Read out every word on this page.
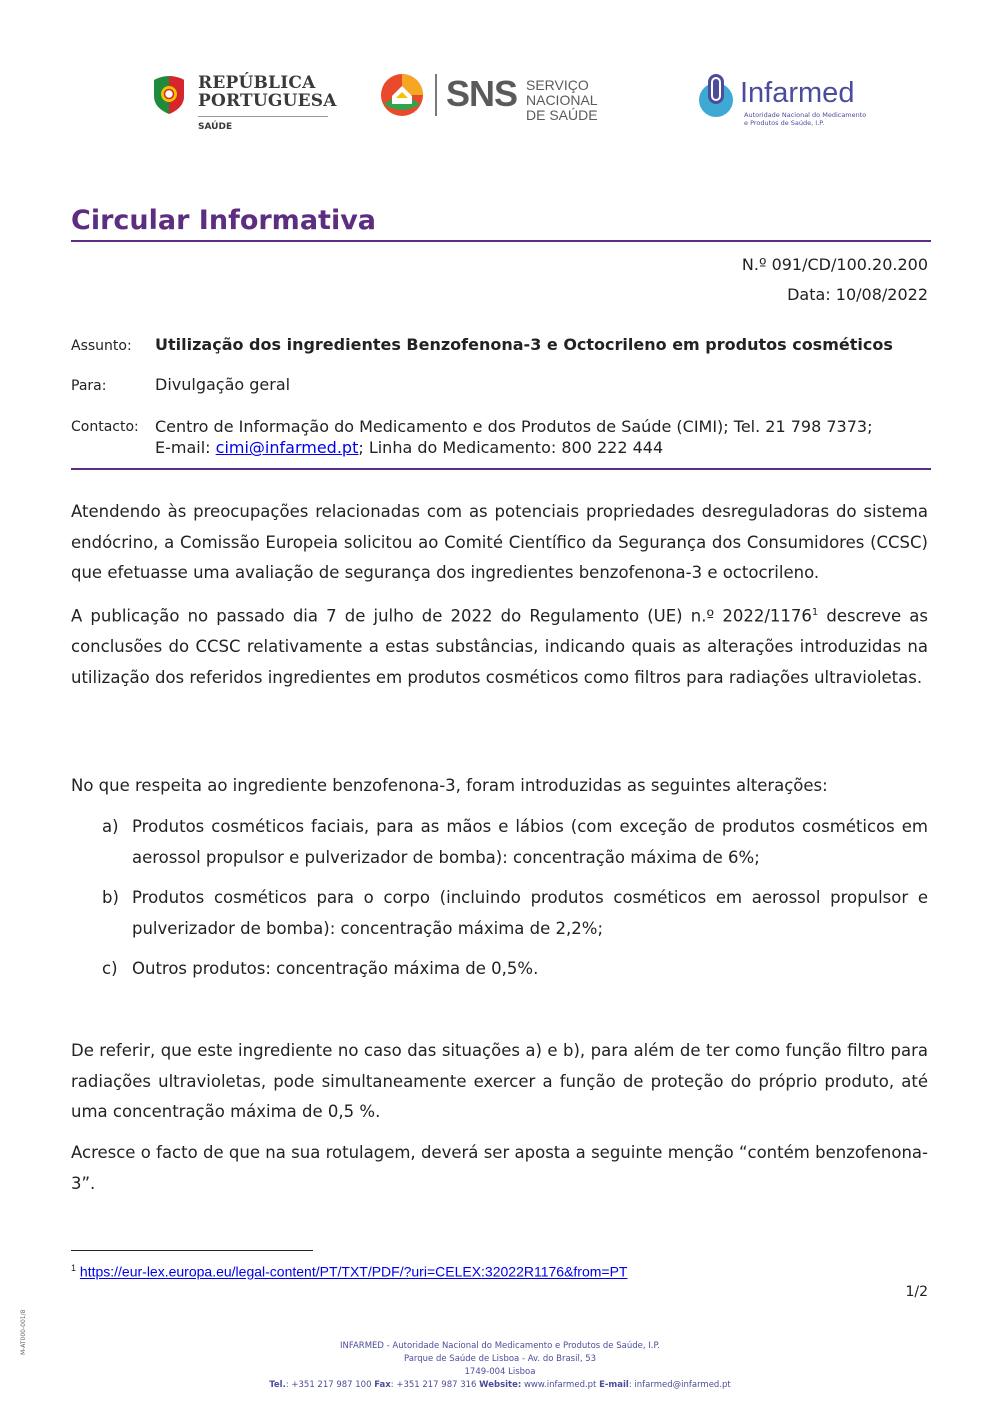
REPÚBLICA
PORTUGUESA
SAÚDE
SNS SERVIÇO NACIONAL
DE SAÚDE
Infarmed
Autoridade Nacional do Medicamento
e Produtos de Saúde, I.P.
Circular Informativa
N.º 091/CD/100.20.200
Data: 10/08/2022
Assunto: Utilização dos ingredientes Benzofenona-3 e Octocrileno em produtos cosméticos
Para:	Divulgação geral
Contacto: Centro de Informação do Medicamento e dos Produtos de Saúde (CIMI); Tel. 21 798 7373;
E-mail: cimi@infarmed.pt; Linha do Medicamento: 800 222 444
Atendendo às preocupações relacionadas com as potenciais propriedades desreguladoras do sistema endócrino, a Comissão Europeia solicitou ao Comité Científico da Segurança dos Consumidores (CCSC) que efetuasse uma avaliação de segurança dos ingredientes benzofenona-3 e octocrileno.
A publicação no passado dia 7 de julho de 2022 do Regulamento (UE) n.º 2022/1176$^1$ descreve as conclusões do CCSC relativamente a estas substâncias, indicando quais as alterações introduzidas na utilização dos referidos ingredientes em produtos cosméticos como filtros para radiações ultravioletas.
No que respeita ao ingrediente benzofenona-3, foram introduzidas as seguintes alterações:
a) Produtos cosméticos faciais, para as mãos e lábios (com exceção de produtos cosméticos em aerossol propulsor e pulverizador de bomba): concentração máxima de 6%;
b) Produtos cosméticos para o corpo (incluindo produtos cosméticos em aerossol propulsor e pulverizador de bomba): concentração máxima de 2,2%;
c) Outros produtos: concentração máxima de 0,5%.
De referir, que este ingrediente no caso das situações a) e b), para além de ter como função filtro para radiações ultravioletas, pode simultaneamente exercer a função de proteção do próprio produto, até uma concentração máxima de 0,5 %.
Acresce o facto de que na sua rotulagem, deverá ser aposta a seguinte menção “contém benzofenona-3”.
$^1$ https://eur-lex.europa.eu/legal-content/PT/TXT/PDF/?uri=CELEX:32022R1176&from=PT
1/2
M-AT000-001/8	INFARMED - Autoridade Nacional do Medicamento e Produtos de Saúde, I.P.
Parque de Saúde de Lisboa - Av. do Brasil, 53
1749-004 Lisboa
Tel.: +351 217 987 100 Fax: +351 217 987 316 Website: www.infarmed.pt E-mail: infarmed@infarmed.pt
